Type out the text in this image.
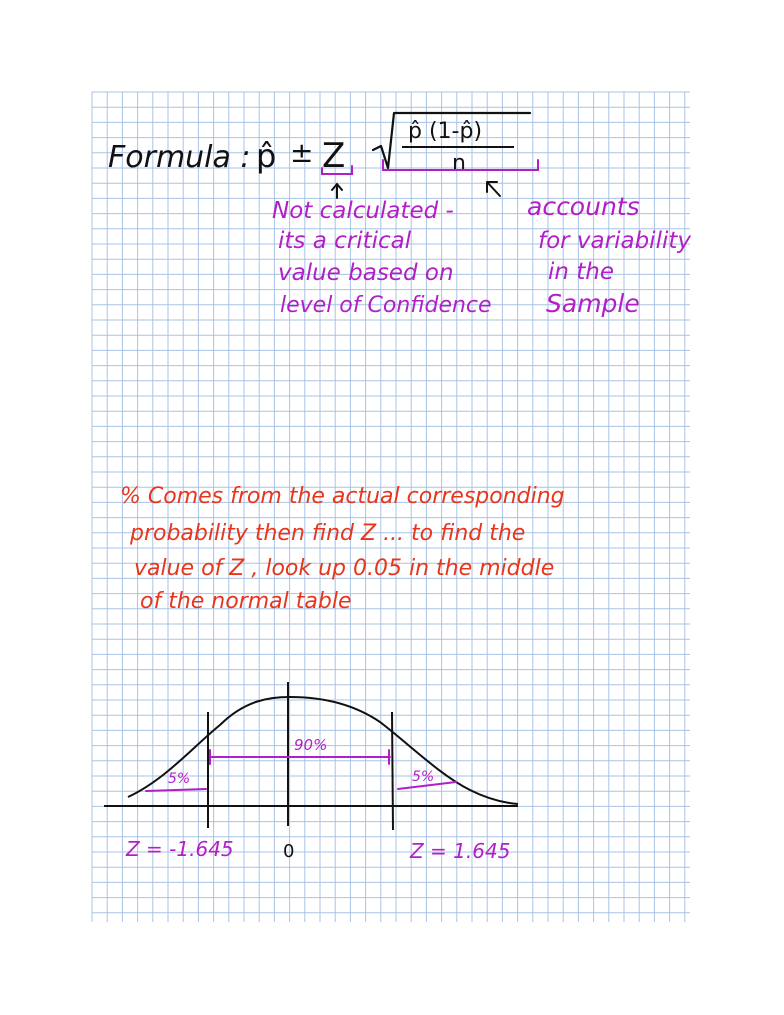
Formula : p̂ ± Z
p̂ (1-p̂)
n
Not calculated -
its a critical
value based on
level of Confidence
accounts
for variability
in the
Sample
% Comes from the actual corresponding
probability then find Z ... to find the
value of Z , look up 0.05 in the middle
of the normal table
90%
5%	5%
Z = -1.645	Z = 1.645
0
